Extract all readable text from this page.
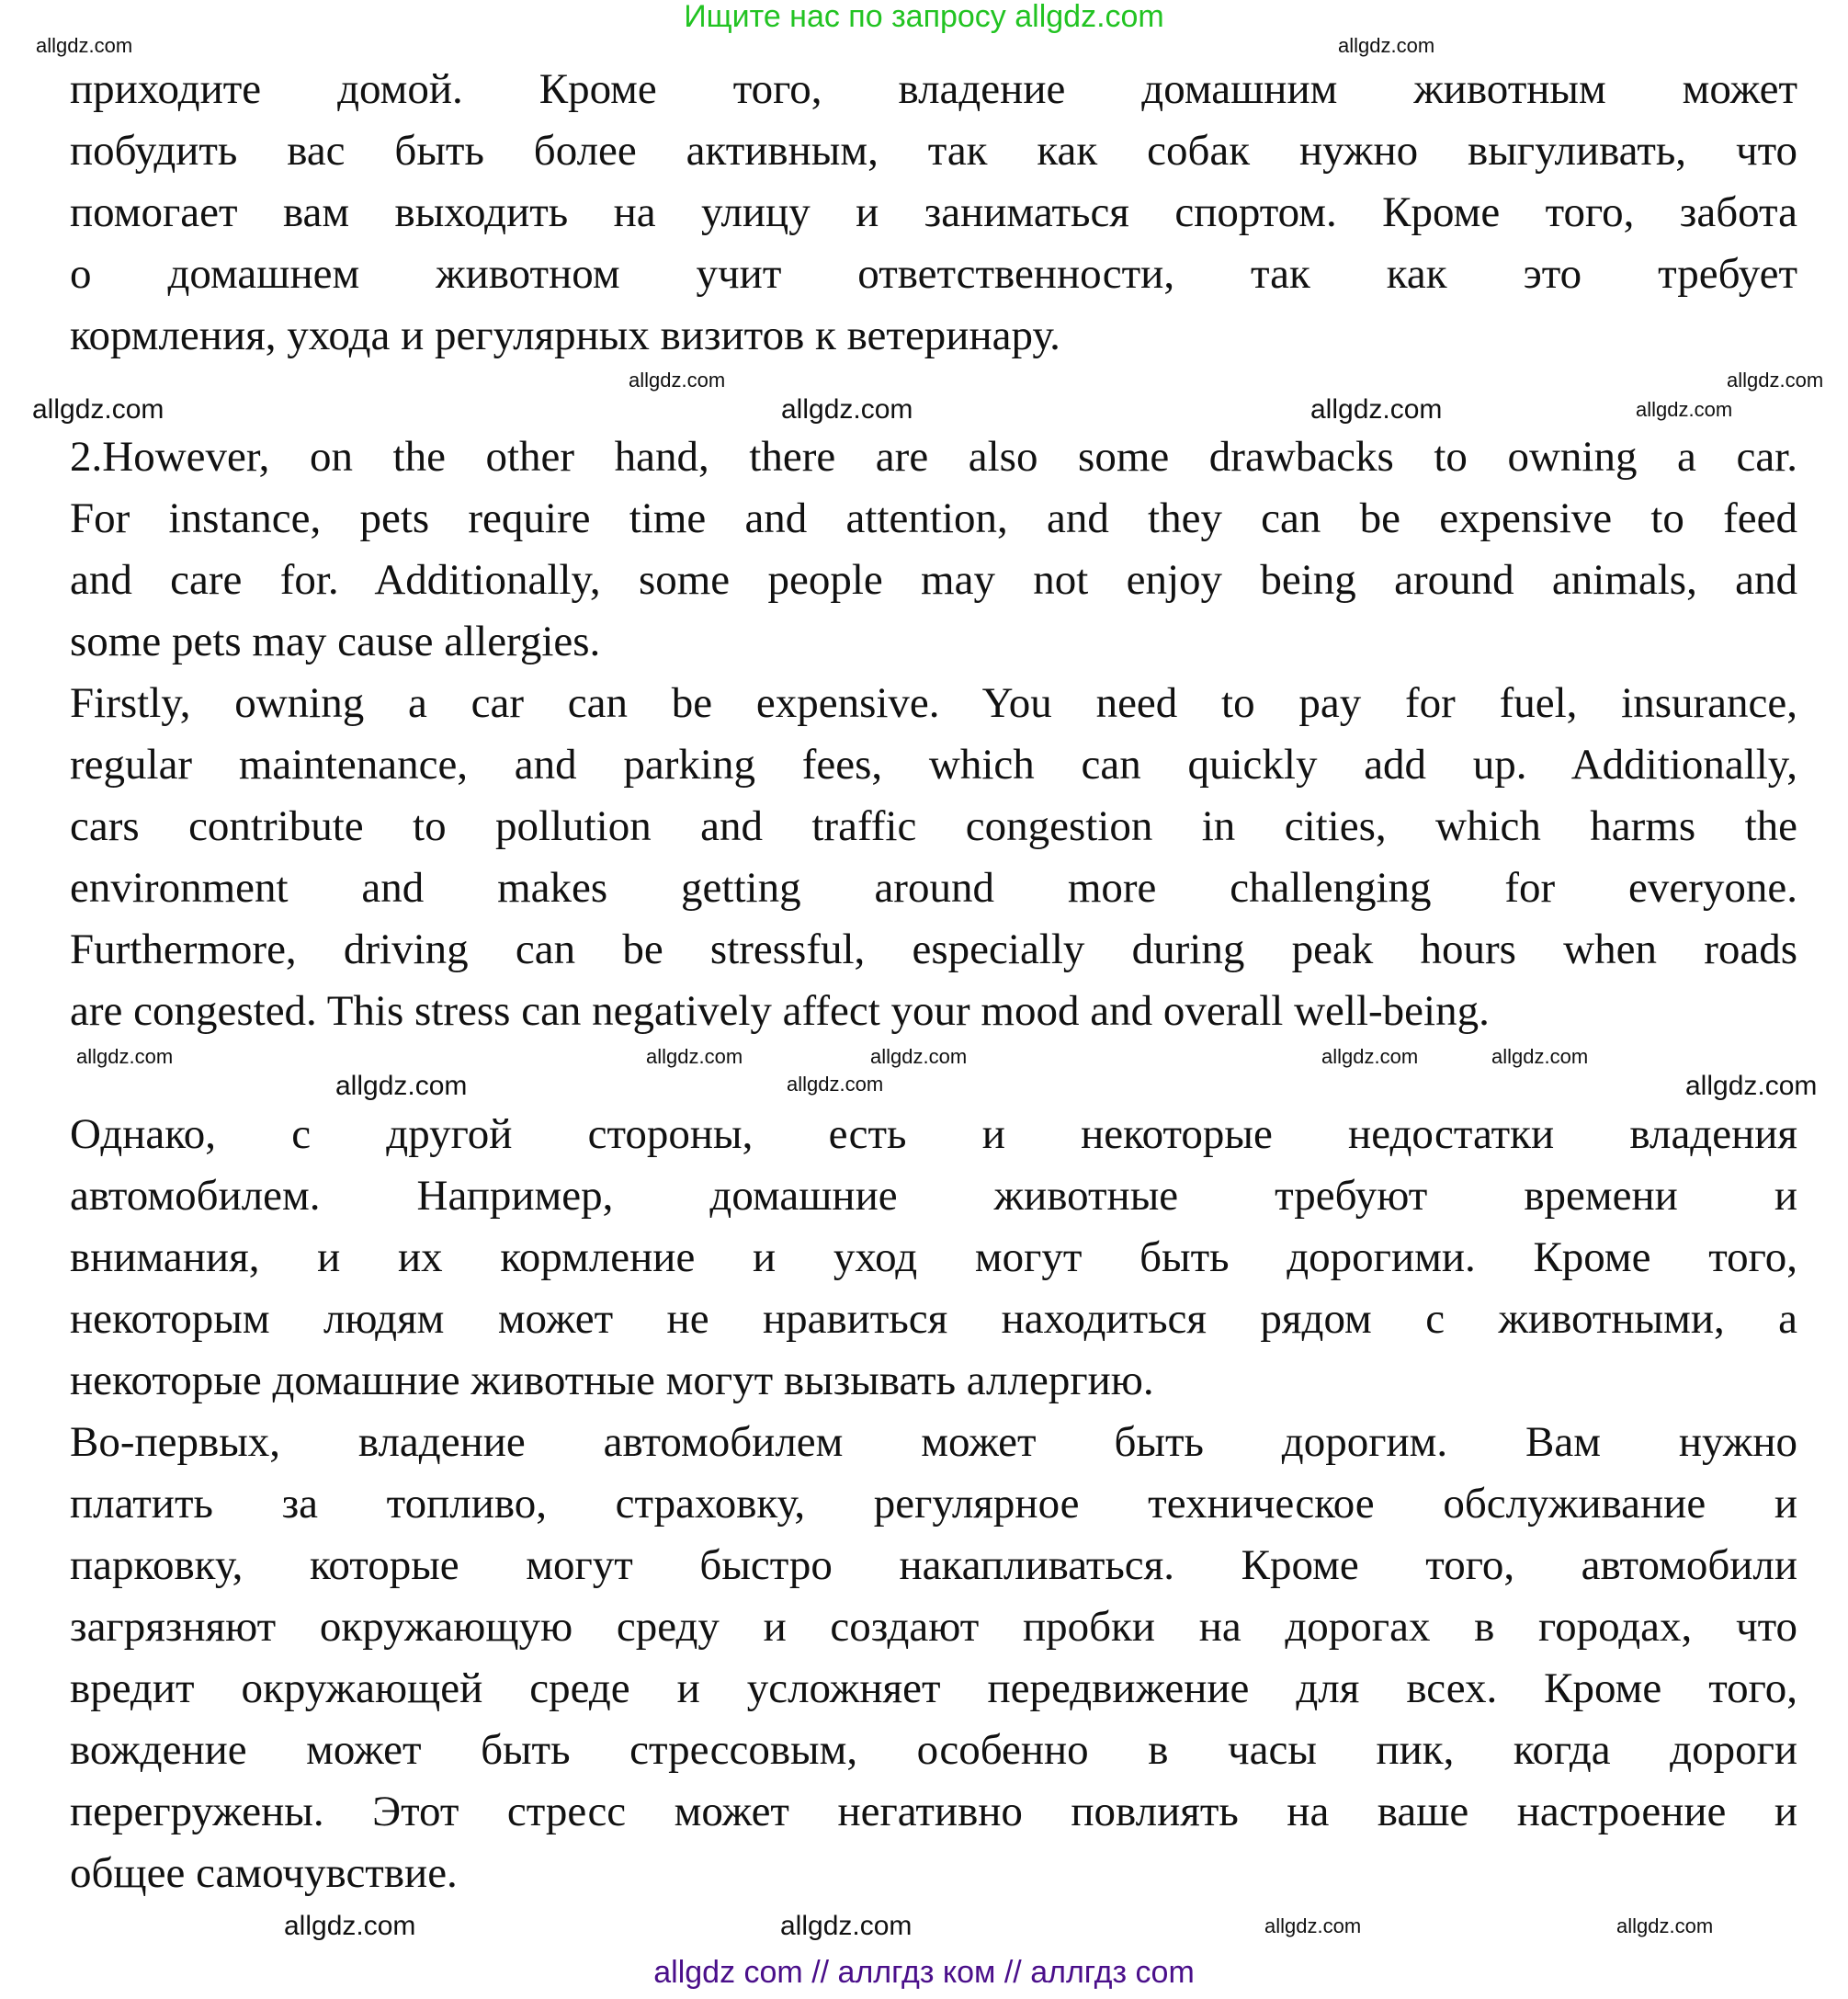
Ищите нас по запросу allgdz.com
приходите домой. Кроме того, владение домашним животным может
побудить вас быть более активным, так как собак нужно выгуливать, что
помогает вам выходить на улицу и заниматься спортом. Кроме того, забота
о домашнем животном учит ответственности, так как это требует
кормления, ухода и регулярных визитов к ветеринару.
2.However, on the other hand, there are also some drawbacks to owning a car.
For instance, pets require time and attention, and they can be expensive to feed
and care for. Additionally, some people may not enjoy being around animals, and
some pets may cause allergies.
Firstly, owning a car can be expensive. You need to pay for fuel, insurance,
regular maintenance, and parking fees, which can quickly add up. Additionally,
cars contribute to pollution and traffic congestion in cities, which harms the
environment and makes getting around more challenging for everyone.
Furthermore, driving can be stressful, especially during peak hours when roads
are congested. This stress can negatively affect your mood and overall well-being.
Однако, с другой стороны, есть и некоторые недостатки владения
автомобилем. Например, домашние животные требуют времени и
внимания, и их кормление и уход могут быть дорогими. Кроме того,
некоторым людям может не нравиться находиться рядом с животными, а
некоторые домашние животные могут вызывать аллергию.
Во-первых, владение автомобилем может быть дорогим. Вам нужно
платить за топливо, страховку, регулярное техническое обслуживание и
парковку, которые могут быстро накапливаться. Кроме того, автомобили
загрязняют окружающую среду и создают пробки на дорогах в городах, что
вредит окружающей среде и усложняет передвижение для всех. Кроме того,
вождение может быть стрессовым, особенно в часы пик, когда дороги
перегружены. Этот стресс может негативно повлиять на ваше настроение и
общее самочувствие.
allgdz.com	allgdz.com
allgdz.com	allgdz.com
allgdz.com	allgdz.com	allgdz.com	allgdz.com
allgdz.com	allgdz.com	allgdz.com	allgdz.com	allgdz.com
allgdz.com	allgdz.com	allgdz.com
allgdz.com	allgdz.com	allgdz.com	allgdz.com
allgdz com // аллгдз ком // аллгдз com
